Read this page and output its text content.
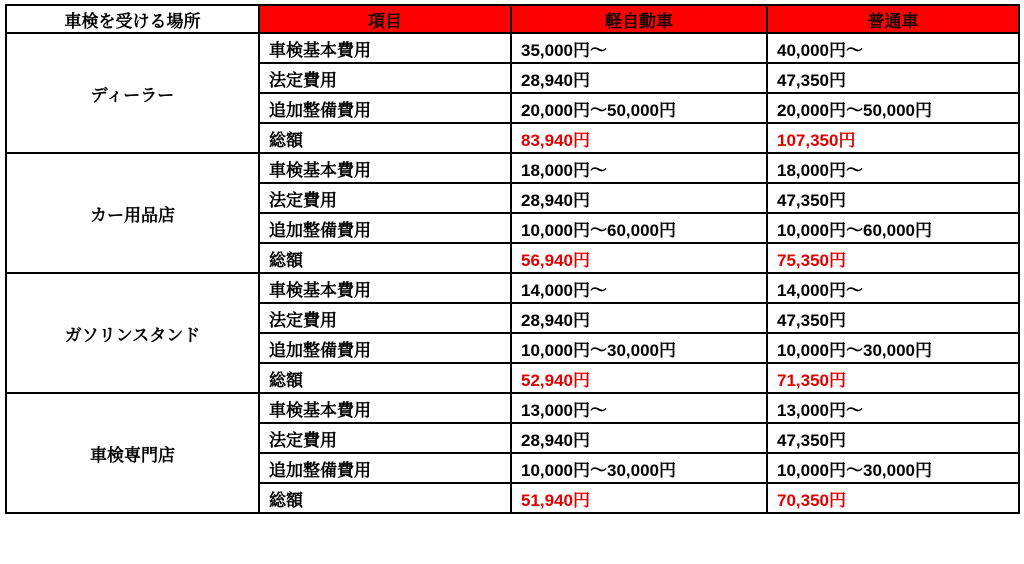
車検を受ける場所	項目	軽自動車	普通車
ディーラー	車検基本費用	35,000円～	40,000円～
	法定費用	28,940円	47,350円
	追加整備費用	20,000円～50,000円	20,000円～50,000円
	総額	83,940円	107,350円
カー用品店	車検基本費用	18,000円～	18,000円～
	法定費用	28,940円	47,350円
	追加整備費用	10,000円～60,000円	10,000円～60,000円
	総額	56,940円	75,350円
ガソリンスタンド	車検基本費用	14,000円～	14,000円～
	法定費用	28,940円	47,350円
	追加整備費用	10,000円～30,000円	10,000円～30,000円
	総額	52,940円	71,350円
車検専門店	車検基本費用	13,000円～	13,000円～
	法定費用	28,940円	47,350円
	追加整備費用	10,000円～30,000円	10,000円～30,000円
	総額	51,940円	70,350円
